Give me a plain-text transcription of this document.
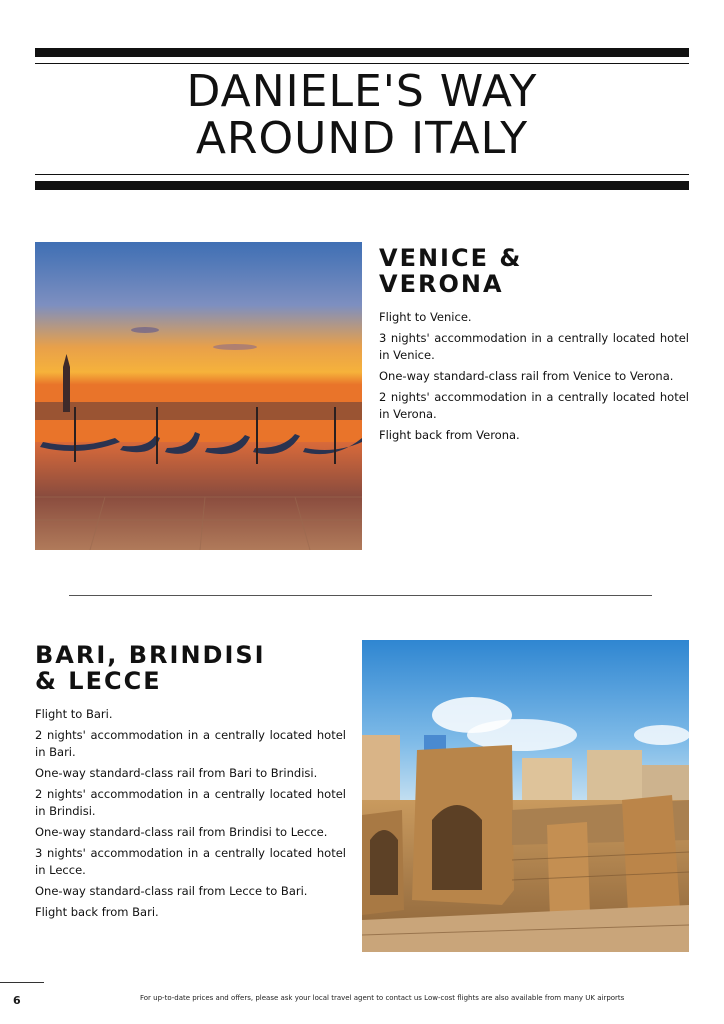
DANIELE'S WAY
AROUND ITALY
VENICE &
VERONA

Flight to Venice.

3 nights' accommodation in a centrally located hotel in Venice.

One-way standard-class rail from Venice to Verona.

2 nights' accommodation in a centrally located hotel in Verona.

Flight back from Verona.

BARI, BRINDISI
& LECCE

Flight to Bari.

2 nights' accommodation in a centrally located hotel in Bari.

One-way standard-class rail from Bari to Brindisi.

2 nights' accommodation in a centrally located hotel in Brindisi.

One-way standard-class rail from Brindisi to Lecce.

3 nights' accommodation in a centrally located hotel in Lecce.

One-way standard-class rail from Lecce to Bari.

Flight back from Bari.

6	For up-to-date prices and offers, please ask your local travel agent to contact us Low-cost flights are also available from many UK airports
